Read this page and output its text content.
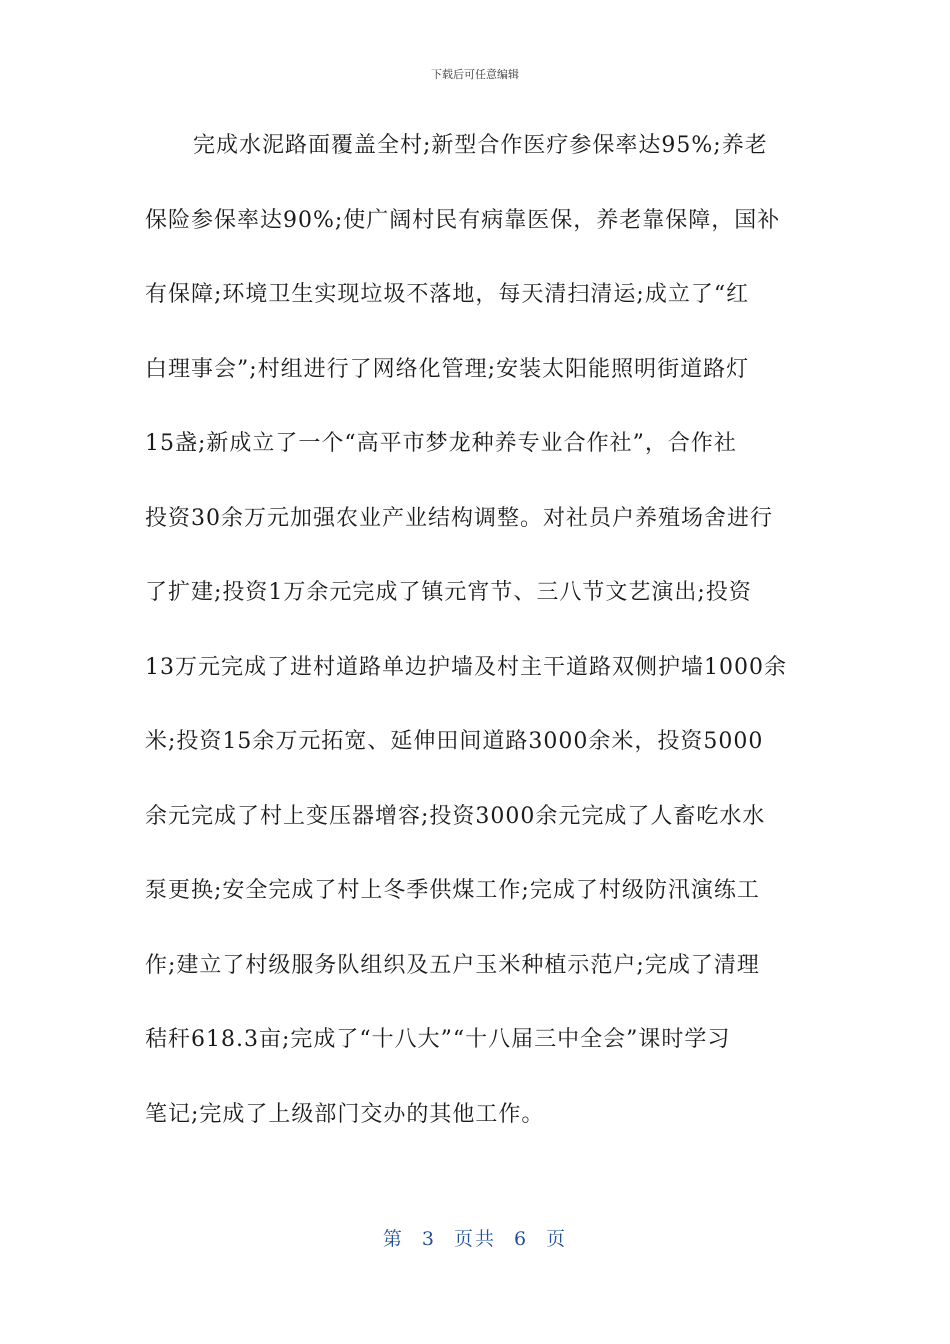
下载后可任意编辑
完成水泥路面覆盖全村;新型合作医疗参保率达95%;养老
保险参保率达90%;使广阔村民有病靠医保，养老靠保障，国补
有保障;环境卫生实现垃圾不落地，每天清扫清运;成立了“红
白理事会”;村组进行了网络化管理;安装太阳能照明街道路灯
15盏;新成立了一个“高平市梦龙种养专业合作社”，合作社
投资30余万元加强农业产业结构调整。对社员户养殖场舍进行
了扩建;投资1万余元完成了镇元宵节、三八节文艺演出;投资
13万元完成了进村道路单边护墙及村主干道路双侧护墙1000余
米;投资15余万元拓宽、延伸田间道路3000余米，投资5000
余元完成了村上变压器增容;投资3000余元完成了人畜吃水水
泵更换;安全完成了村上冬季供煤工作;完成了村级防汛演练工
作;建立了村级服务队组织及五户玉米种植示范户;完成了清理
秸秆618.3亩;完成了“十八大”“十八届三中全会”课时学习
笔记;完成了上级部门交办的其他工作。
第 3 页共 6 页
